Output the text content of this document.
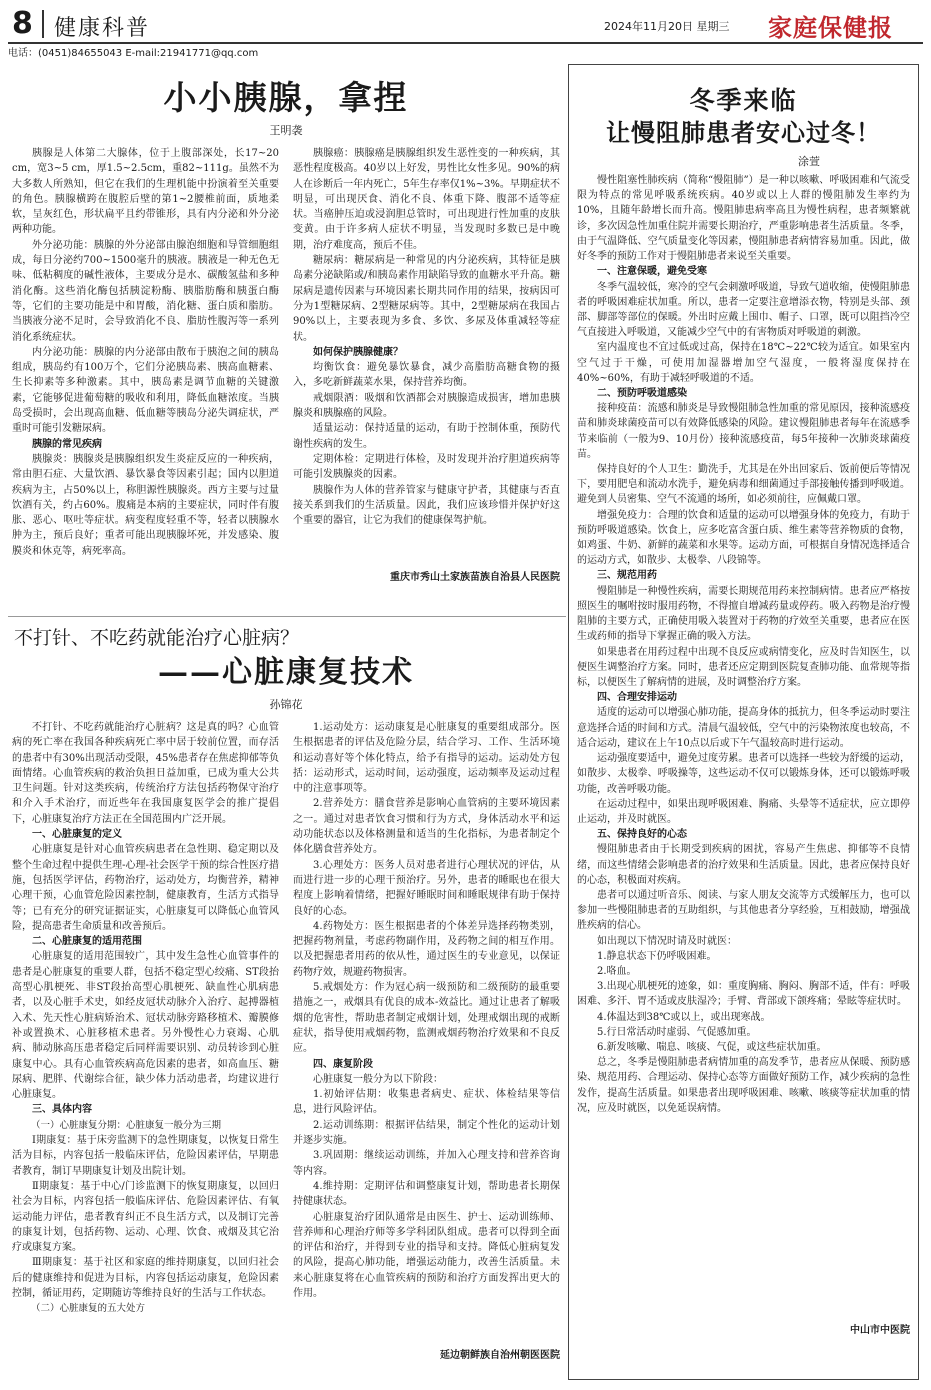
8 健康科普	2024年11月20日 星期三 家庭保健报
电话：(0451)84655043 E-mail:21941771@qq.com
小小胰腺，拿捏
王明袭

胰腺是人体第二大腺体，位于上腹部深处，长17~20 cm，宽3~5 cm，厚1.5~2.5cm，重82~111g。虽然不为大多数人所熟知，但它在我们的生理机能中扮演着至关重要的角色。胰腺横跨在腹腔后壁的第1~2腰椎前面，质地柔软，呈灰红色，形状扁平且约带锥形，具有内分泌和外分泌两种功能。

外分泌功能：胰腺的外分泌部由腺泡细胞和导管细胞组成，每日分泌约700~1500毫升的胰液。胰液是一种无色无味、低粘稠度的碱性液体，主要成分是水、碳酸氢盐和多种消化酶。这些消化酶包括胰淀粉酶、胰脂肪酶和胰蛋白酶等，它们的主要功能是中和胃酸，消化糖、蛋白质和脂肪。当胰液分泌不足时，会导致消化不良、脂肪性腹泻等一系列消化系统症状。

内分泌功能：胰腺的内分泌部由散布于胰泡之间的胰岛组成，胰岛约有100万个，它们分泌胰岛素、胰高血糖素、生长抑素等多种激素。其中，胰岛素是调节血糖的关键激素，它能够促进葡萄糖的吸收和利用，降低血糖浓度。当胰岛受损时，会出现高血糖、低血糖等胰岛分泌失调症状，严重时可能引发糖尿病。

胰腺的常见疾病

胰腺炎：胰腺炎是胰腺组织发生炎症反应的一种疾病，常由胆石症、大量饮酒、暴饮暴食等因素引起；国内以胆道疾病为主，占50%以上，称胆源性胰腺炎。西方主要与过量饮酒有关，约占60%。腹痛是本病的主要症状，同时伴有腹胀、恶心、呕吐等症状。病变程度轻重不等，轻者以胰腺水肿为主，预后良好；重者可能出现胰腺坏死，并发感染、腹膜炎和休克等，病死率高。

胰腺癌：胰腺癌是胰腺组织发生恶性变的一种疾病，其恶性程度极高。40岁以上好发，男性比女性多见。90%的病人在诊断后一年内死亡，5年生存率仅1%~3%。早期症状不明显，可出现厌食、消化不良、体重下降、腹部不适等症状。当癌肿压迫或浸润胆总管时，可出现进行性加重的皮肤变黄。由于许多病人症状不明显，当发现时多数已是中晚期，治疗难度高，预后不佳。

糖尿病：糖尿病是一种常见的内分泌疾病，其特征是胰岛素分泌缺陷或/和胰岛素作用缺陷导致的血糖水平升高。糖尿病是遗传因素与环境因素长期共同作用的结果，按病因可分为1型糖尿病、2型糖尿病等。其中，2型糖尿病在我国占90%以上，主要表现为多食、多饮、多尿及体重减轻等症状。

如何保护胰腺健康？

均衡饮食：避免暴饮暴食，减少高脂肪高糖食物的摄入，多吃新鲜蔬菜水果，保持营养均衡。

戒烟限酒：吸烟和饮酒都会对胰腺造成损害，增加患胰腺炎和胰腺癌的风险。

适量运动：保持适量的运动，有助于控制体重，预防代谢性疾病的发生。

定期体检：定期进行体检，及时发现并治疗胆道疾病等可能引发胰腺炎的因素。

胰腺作为人体的营养管家与健康守护者，其健康与否直接关系到我们的生活质量。因此，我们应该珍惜并保护好这个重要的器官，让它为我们的健康保驾护航。

重庆市秀山土家族苗族自治县人民医院
不打针、不吃药就能治疗心脏病？
——心脏康复技术
孙锦花

不打针、不吃药就能治疗心脏病？这是真的吗？心血管病的死亡率在我国各种疾病死亡率中居于较前位置，而存活的患者中有30%出现活动受限，45%患者存在焦虑抑郁等负面情绪。心血管疾病的救治负担日益加重，已成为重大公共卫生问题。针对这类疾病，传统治疗方法包括药物保守治疗和介入手术治疗，而近些年在我国康复医学会的推广提倡下，心脏康复治疗方法正在全国范围内广泛开展。

一、心脏康复的定义

心脏康复是针对心血管疾病患者在急性期、稳定期以及整个生命过程中提供生理-心理-社会医学干预的综合性医疗措施，包括医学评估，药物治疗，运动处方，均衡营养，精神心理干预，心血管危险因素控制，健康教育，生活方式指导等；已有充分的研究证据证实，心脏康复可以降低心血管风险，提高患者生命质量和改善预后。

二、心脏康复的适用范围

心脏康复的适用范围较广，其中发生急性心血管事件的患者是心脏康复的重要人群，包括不稳定型心绞痛、ST段抬高型心肌梗死、非ST段抬高型心肌梗死、缺血性心肌病患者，以及心脏手术史，如经皮冠状动脉介入治疗、起搏器植入术、先天性心脏病矫治术、冠状动脉旁路移植术、瓣膜修补或置换术、心脏移植术患者。另外慢性心力衰竭、心肌病、肺动脉高压患者稳定后同样需要识别、动员转诊到心脏康复中心。具有心血管疾病高危因素的患者，如高血压、糖尿病、肥胖、代谢综合征，缺少体力活动患者，均建议进行心脏康复。

三、具体内容

（一）心脏康复分期：心脏康复一般分为三期

Ⅰ期康复：基于床旁监测下的急性期康复，以恢复日常生活为目标，内容包括一般临床评估，危险因素评估，早期患者教育，制订早期康复计划及出院计划。

Ⅱ期康复：基于中心/门诊监测下的恢复期康复，以回归社会为目标，内容包括一般临床评估、危险因素评估、有氧运动能力评估，患者教育纠正不良生活方式，以及制订完善的康复计划，包括药物、运动、心理、饮食、戒烟及其它治疗或康复方案。

Ⅲ期康复：基于社区和家庭的维持期康复，以回归社会后的健康维持和促进为目标，内容包括运动康复，危险因素控制，循证用药，定期随访等维持良好的生活与工作状态。

（二）心脏康复的五大处方

1.运动处方：运动康复是心脏康复的重要组成部分。医生根据患者的评估及危险分层，结合学习、工作、生活环境和运动喜好等个体化特点，给予有指导的运动。运动处方包括：运动形式，运动时间，运动强度，运动频率及运动过程中的注意事项等。

2.营养处方：膳食营养是影响心血管病的主要环境因素之一。通过对患者饮食习惯和行为方式，身体活动水平和运动功能状态以及体格测量和适当的生化指标，为患者制定个体化膳食营养处方。

3.心理处方：医务人员对患者进行心理状况的评估，从而进行进一步的心理干预治疗。另外，患者的睡眠也在很大程度上影响着情绪，把握好睡眠时间和睡眠规律有助于保持良好的心态。

4.药物处方：医生根据患者的个体差异选择药物类别，把握药物剂量，考虑药物副作用，及药物之间的相互作用。以及把握患者用药的依从性，通过医生的专业意见，以保证药物疗效，规避药物损害。

5.戒烟处方：作为冠心病一级预防和二级预防的最重要措施之一，戒烟具有优良的成本-效益比。通过让患者了解吸烟的危害性，帮助患者制定戒烟计划，处理戒烟出现的戒断症状，指导使用戒烟药物，监测戒烟药物治疗效果和不良反应。

四、康复阶段

心脏康复一般分为以下阶段：

1.初始评估期：收集患者病史、症状、体检结果等信息，进行风险评估。

2.运动训练期：根据评估结果，制定个性化的运动计划并逐步实施。

3.巩固期：继续运动训练，并加入心理支持和营养咨询等内容。

4.维持期：定期评估和调整康复计划，帮助患者长期保持健康状态。

心脏康复治疗团队通常是由医生、护士、运动训练师、营养师和心理治疗师等多学科团队组成。患者可以得到全面的评估和治疗，并得到专业的指导和支持。降低心脏病复发的风险，提高心肺功能，增强运动能力，改善生活质量。未来心脏康复将在心血管疾病的预防和治疗方面发挥出更大的作用。

延边朝鲜族自治州朝医医院
冬季来临
让慢阻肺患者安心过冬！
涂萱

慢性阻塞性肺疾病（简称“慢阻肺”）是一种以咳嗽、呼吸困难和气流受限为特点的常见呼吸系统疾病。40岁或以上人群的慢阻肺发生率约为10%，且随年龄增长而升高。慢阻肺患病率高且为慢性病程，患者频繁就诊，多次因急性加重住院并需要长期治疗，严重影响患者生活质量。冬季，由于气温降低、空气质量变化等因素，慢阻肺患者病情容易加重。因此，做好冬季的预防工作对于慢阻肺患者来说至关重要。

一、注意保暖，避免受寒

冬季气温较低，寒冷的空气会刺激呼吸道，导致气道收缩，使慢阻肺患者的呼吸困难症状加重。所以，患者一定要注意增添衣物，特别是头部、颈部、脚部等部位的保暖。外出时应戴上围巾、帽子、口罩，既可以阻挡冷空气直接进入呼吸道，又能减少空气中的有害物质对呼吸道的刺激。

室内温度也不宜过低或过高，保持在18℃~22℃较为适宜。如果室内空气过于干燥，可使用加湿器增加空气湿度，一般将湿度保持在40%~60%，有助于减轻呼吸道的不适。

二、预防呼吸道感染

接种疫苗：流感和肺炎是导致慢阻肺急性加重的常见原因，接种流感疫苗和肺炎球菌疫苗可以有效降低感染的风险。建议慢阻肺患者每年在流感季节来临前（一般为9、10月份）接种流感疫苗，每5年接种一次肺炎球菌疫苗。

保持良好的个人卫生：勤洗手，尤其是在外出回家后、饭前便后等情况下，要用肥皂和流动水洗手，避免病毒和细菌通过手部接触传播到呼吸道。避免到人员密集、空气不流通的场所，如必须前往，应佩戴口罩。

增强免疫力：合理的饮食和适量的运动可以增强身体的免疫力，有助于预防呼吸道感染。饮食上，应多吃富含蛋白质、维生素等营养物质的食物，如鸡蛋、牛奶、新鲜的蔬菜和水果等。运动方面，可根据自身情况选择适合的运动方式，如散步、太极拳、八段锦等。

三、规范用药

慢阻肺是一种慢性疾病，需要长期规范用药来控制病情。患者应严格按照医生的嘱咐按时服用药物，不得擅自增减药量或停药。吸入药物是治疗慢阻肺的主要方式，正确使用吸入装置对于药物的疗效至关重要，患者应在医生或药师的指导下掌握正确的吸入方法。

如果患者在用药过程中出现不良反应或病情变化，应及时告知医生，以便医生调整治疗方案。同时，患者还应定期到医院复查肺功能、血常规等指标，以便医生了解病情的进展，及时调整治疗方案。

四、合理安排运动

适度的运动可以增强心肺功能，提高身体的抵抗力，但冬季运动时要注意选择合适的时间和方式。清晨气温较低，空气中的污染物浓度也较高，不适合运动，建议在上午10点以后或下午气温较高时进行运动。

运动强度要适中，避免过度劳累。患者可以选择一些较为舒缓的运动，如散步、太极拳、呼吸操等，这些运动不仅可以锻炼身体，还可以锻炼呼吸功能，改善呼吸功能。

在运动过程中，如果出现呼吸困难、胸痛、头晕等不适症状，应立即停止运动，并及时就医。

五、保持良好的心态

慢阻肺患者由于长期受到疾病的困扰，容易产生焦虑、抑郁等不良情绪，而这些情绪会影响患者的治疗效果和生活质量。因此，患者应保持良好的心态，积极面对疾病。

患者可以通过听音乐、阅读、与家人朋友交流等方式缓解压力，也可以参加一些慢阻肺患者的互助组织，与其他患者分享经验，互相鼓励，增强战胜疾病的信心。

如出现以下情况时请及时就医：

1.静息状态下仍呼吸困难。

2.咯血。

3.出现心肌梗死的迹象，如：重度胸痛、胸闷、胸部不适，伴有：呼吸困难、多汗、胃不适或皮肤湿冷；手臂、背部或下颌疼痛；晕眩等症状时。

4.体温达到38℃或以上，或出现寒战。

5.行日常活动时虚弱、气促感加重。

6.新发咳嗽、喘息、咳痰、气促，或这些症状加重。

总之，冬季是慢阻肺患者病情加重的高发季节，患者应从保暖、预防感染、规范用药、合理运动、保持心态等方面做好预防工作，减少疾病的急性发作，提高生活质量。如果患者出现呼吸困难、咳嗽、咳痰等症状加重的情况，应及时就医，以免延误病情。

中山市中医院
